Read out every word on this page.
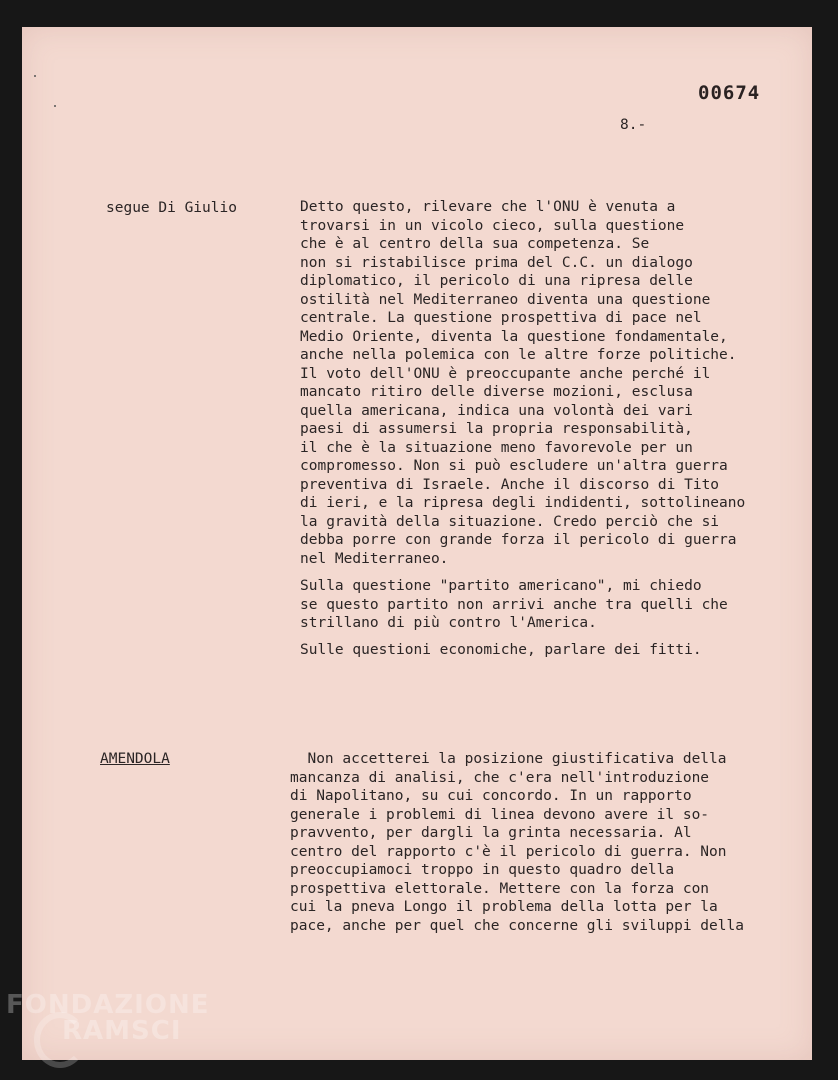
00674
8.-
segue Di Giulio	Detto questo, rilevare che l'ONU è venuta a
trovarsi in un vicolo cieco, sulla questione
che è al centro della sua competenza. Se
non si ristabilisce prima del C.C. un dialogo
diplomatico, il pericolo di una ripresa delle
ostilità nel Mediterraneo diventa una questione
centrale. La questione prospettiva di pace nel
Medio Oriente, diventa la questione fondamentale,
anche nella polemica con le altre forze politiche.
Il voto dell'ONU è preoccupante anche perché il
mancato ritiro delle diverse mozioni, esclusa
quella americana, indica una volontà dei vari
paesi di assumersi la propria responsabilità,
il che è la situazione meno favorevole per un
compromesso. Non si può escludere un'altra guerra
preventiva di Israele. Anche il discorso di Tito
di ieri, e la ripresa degli indidenti, sottolineano
la gravità della situazione. Credo perciò che si
debba porre con grande forza il pericolo di guerra
nel Mediterraneo.
Sulla questione "partito americano", mi chiedo
se questo partito non arrivi anche tra quelli che
strillano di più contro l'America.
Sulle questioni economiche, parlare dei fitti.
AMENDOLA	Non accetterei la posizione giustificativa della
mancanza di analisi, che c'era nell'introduzione
di Napolitano, su cui concordo. In un rapporto
generale i problemi di linea devono avere il so-
pravvento, per dargli la grinta necessaria. Al
centro del rapporto c'è il pericolo di guerra. Non
preoccupiamoci troppo in questo quadro della
prospettiva elettorale. Mettere con la forza con
cui la pneva Longo il problema della lotta per la
pace, anche per quel che concerne gli sviluppi della
FONDAZIONE
RAMSCI
